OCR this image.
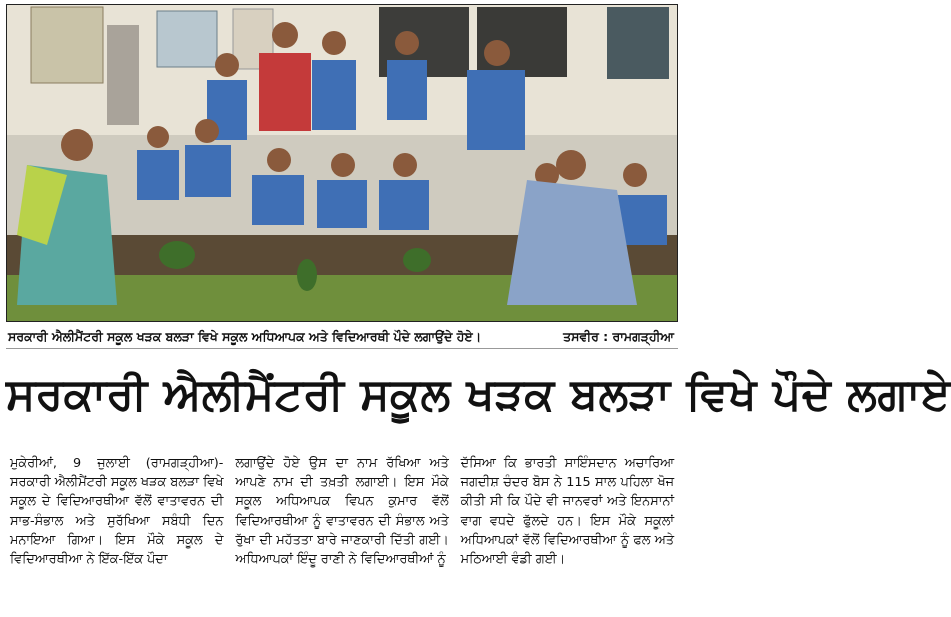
ਸਰਕਾਰੀ ਐਲੀਮੈਂਟਰੀ ਸਕੂਲ ਖੜਕ ਬਲੜਾ ਵਿਖੇ ਸਕੂਲ ਅਧਿਆਪਕ ਅਤੇ ਵਿਦਿਆਰਥੀ ਪੌਦੇ ਲਗਾਉਂਦੇ ਹੋਏ।	ਤਸਵੀਰ : ਰਾਮਗੜ੍ਹੀਆ
ਸਰਕਾਰੀ ਐਲੀਮੈਂਟਰੀ ਸਕੂਲ ਖੜਕ ਬਲੜਾ ਵਿਖੇ ਪੌਦੇ ਲਗਾਏ

ਮੁਕੇਰੀਆਂ, 9 ਜੁਲਾਈ (ਰਾਮਗੜ੍ਹੀਆ)-ਸਰਕਾਰੀ ਐਲੀਮੈਂਟਰੀ ਸਕੂਲ ਖੜਕ ਬਲੜਾ ਵਿਖੇ ਸਕੂਲ ਦੇ ਵਿਦਿਆਰਥੀਆ ਵੱਲੋਂ ਵਾਤਾਵਰਨ ਦੀ ਸਾਭ-ਸੰਭਾਲ ਅਤੇ ਸੁਰੱਖਿਆ ਸਬੰਧੀ ਦਿਨ ਮਨਾਇਆ ਗਿਆ। ਇਸ ਮੌਕੇ ਸਕੂਲ ਦੇ ਵਿਦਿਆਰਥੀਆ ਨੇ ਇੱਕ-ਇੱਕ ਪੌਦਾ

ਲਗਾਉਂਦੇ ਹੋਏ ਉਸ ਦਾ ਨਾਮ ਰੱਖਿਆ ਅਤੇ ਆਪਣੇ ਨਾਮ ਦੀ ਤਖ਼ਤੀ ਲਗਾਈ। ਇਸ ਮੌਕੇ ਸਕੂਲ ਅਧਿਆਪਕ ਵਿਪਨ ਕੁਮਾਰ ਵੱਲੋਂ ਵਿਦਿਆਰਥੀਆ ਨੂੰ ਵਾਤਾਵਰਨ ਦੀ ਸੰਭਾਲ ਅਤੇ ਰੁੱਖਾ ਦੀ ਮਹੱਤਤਾ ਬਾਰੇ ਜਾਣਕਾਰੀ ਦਿੱਤੀ ਗਈ। ਅਧਿਆਪਕਾਂ ਇੰਦੂ ਰਾਣੀ ਨੇ ਵਿਦਿਆਰਥੀਆਂ ਨੂੰ

ਦੱਸਿਆ ਕਿ ਭਾਰਤੀ ਸਾਇੰਸਦਾਨ ਅਚਾਰਿਆ ਜਗਦੀਸ਼ ਚੰਦਰ ਬੋਸ ਨੇ 115 ਸਾਲ ਪਹਿਲਾ ਖੋਜ ਕੀਤੀ ਸੀ ਕਿ ਪੌਦੇ ਵੀ ਜਾਨਵਰਾਂ ਅਤੇ ਇਨਸਾਨਾਂ ਵਾਗ ਵਧਦੇ ਫੁੱਲਦੇ ਹਨ। ਇਸ ਮੌਕੇ ਸਕੂਲਾਂ ਅਧਿਆਪਕਾਂ ਵੱਲੋਂ ਵਿਦਿਆਰਥੀਆ ਨੂੰ ਫਲ ਅਤੇ ਮਠਿਆਈ ਵੰਡੀ ਗਈ।
